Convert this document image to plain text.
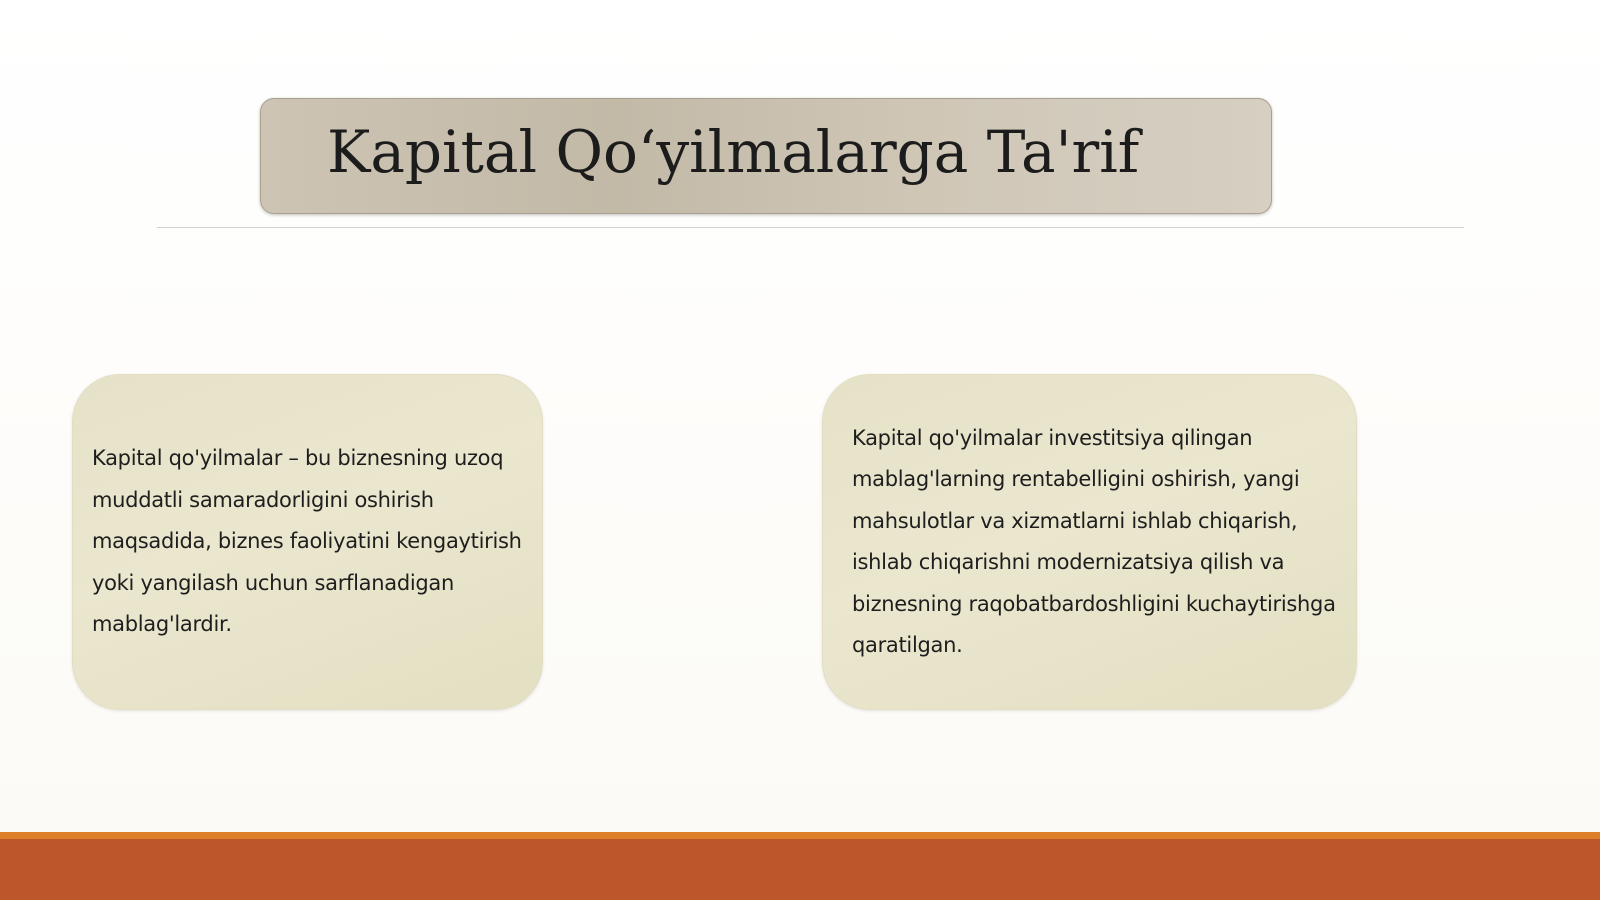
Kapital Qo‘yilmalarga Ta'rif

Kapital qo'yilmalar – bu biznesning uzoq muddatli samaradorligini oshirish maqsadida, biznes faoliyatini kengaytirish yoki yangilash uchun sarflanadigan mablag'lardir.

Kapital qo'yilmalar investitsiya qilingan mablag'larning rentabelligini oshirish, yangi mahsulotlar va xizmatlarni ishlab chiqarish, ishlab chiqarishni modernizatsiya qilish va biznesning raqobatbardoshligini kuchaytirishga qaratilgan.
